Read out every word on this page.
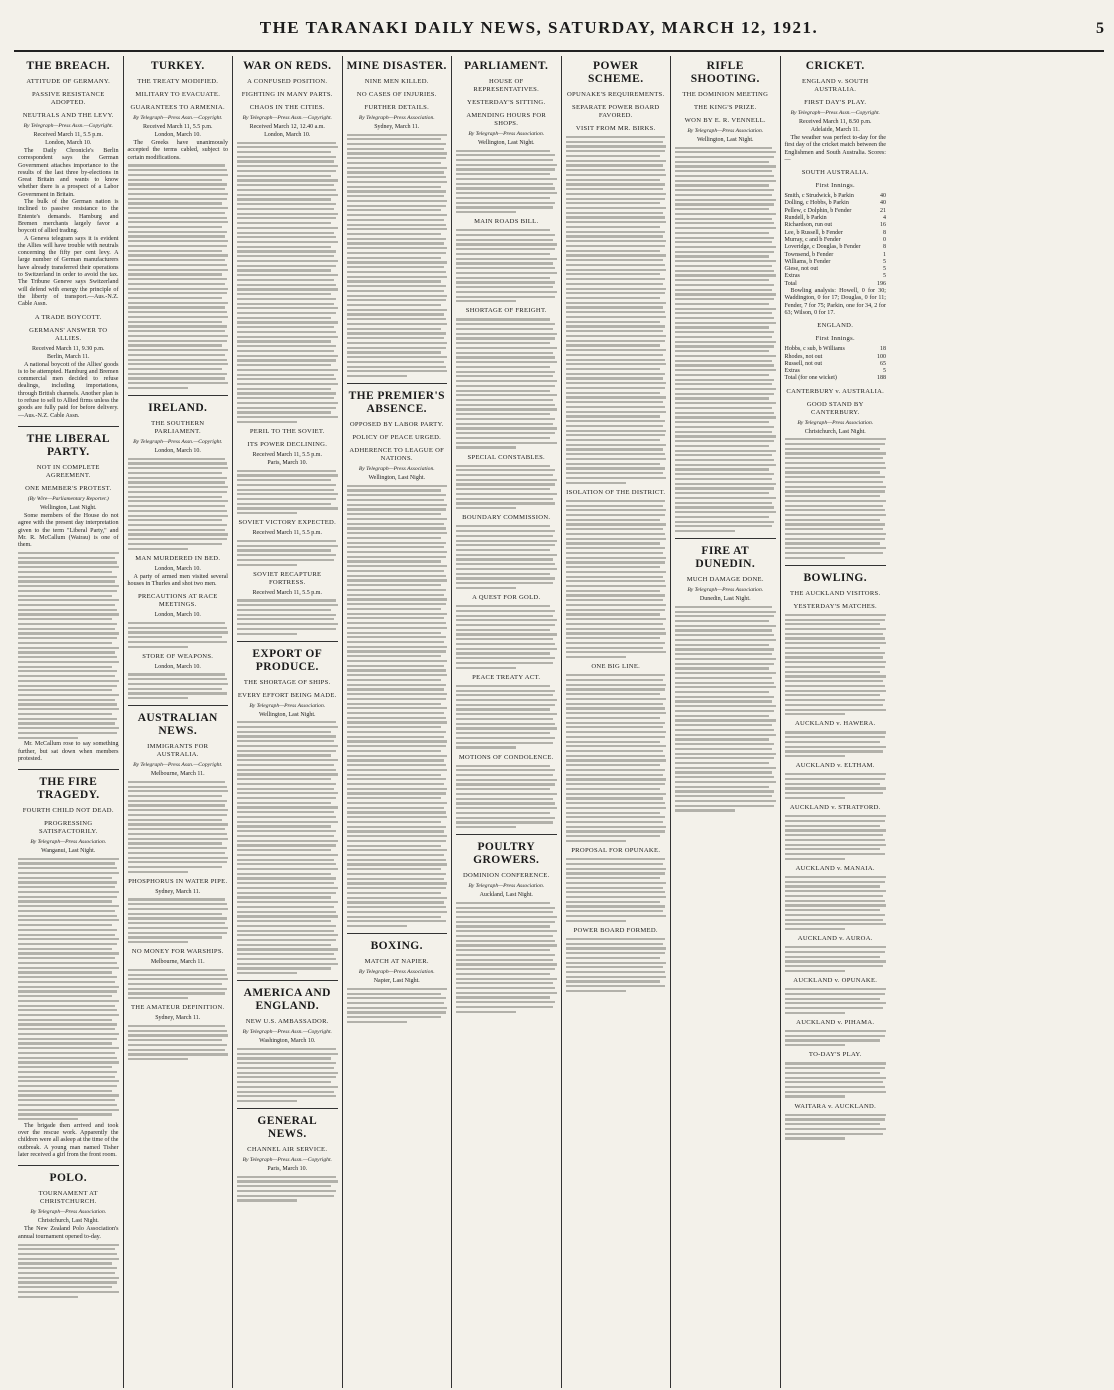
THE TARANAKI DAILY NEWS, SATURDAY, MARCH 12, 1921.	5
THE BREACH.
ATTITUDE OF GERMANY.
PASSIVE RESISTANCE ADOPTED.
NEUTRALS AND THE LEVY.
By Telegraph—Press Assn.—Copyright.
Received March 11, 5.5 p.m.
London, March 10.

The Daily Chronicle's Berlin correspondent says the German Government attaches importance to the results of the last three by-elections in Great Britain and wants to know whether there is a prospect of a Labor Government in Britain.

The bulk of the German nation is inclined to passive resistance to the Entente's demands. Hamburg and Bremen merchants largely favor a boycott of allied trading.

A Geneva telegram says it is evident the Allies will have trouble with neutrals concerning the fifty per cent levy. A large number of German manufacturers have already transferred their operations to Switzerland in order to avoid the tax. The Tribune Geneve says Switzerland will defend with energy the principle of the liberty of transport.—Aus.-N.Z. Cable Assn.

A TRADE BOYCOTT.
GERMANS' ANSWER TO ALLIES.
Received March 11, 9.30 p.m.
Berlin, March 11.

A national boycott of the Allies' goods is to be attempted. Hamburg and Bremen commercial men decided to refuse dealings, including importations, through British channels. Another plan is to refuse to sell to Allied firms unless the goods are fully paid for before delivery.—Aus.-N.Z. Cable Assn.

THE LIBERAL PARTY.
NOT IN COMPLETE AGREEMENT.
ONE MEMBER'S PROTEST.
(By Wire—Parliamentary Reporter.)
Wellington, Last Night.

Some members of the House do not agree with the present day interpretation given to the term "Liberal Party," and Mr. R. McCallum (Wairau) is one of them.

Mr. McCallum rose to say something further, but sat down when members protested.

THE FIRE TRAGEDY.
FOURTH CHILD NOT DEAD.
PROGRESSING SATISFACTORILY.
By Telegraph—Press Association.
Wanganui, Last Night.

The brigade then arrived and took over the rescue work. Apparently the children were all asleep at the time of the outbreak. A young man named Tisher later received a girl from the front room.

POLO.
TOURNAMENT AT CHRISTCHURCH.
By Telegraph—Press Association.
Christchurch, Last Night.

The New Zealand Polo Association's annual tournament opened to-day.

TURKEY.
THE TREATY MODIFIED.
MILITARY TO EVACUATE.
GUARANTEES TO ARMENIA.
By Telegraph—Press Assn.—Copyright.
Received March 11, 5.5 p.m.
London, March 10.

The Greeks have unanimously accepted the terms cabled, subject to certain modifications.

IRELAND.
THE SOUTHERN PARLIAMENT.
By Telegraph—Press Assn.—Copyright.
London, March 10.
MAN MURDERED IN BED.
London, March 10.

A party of armed men visited several houses in Thurles and shot two men.

PRECAUTIONS AT RACE MEETINGS.
London, March 10.
STORE OF WEAPONS.
London, March 10.
AUSTRALIAN NEWS.
IMMIGRANTS FOR AUSTRALIA.
By Telegraph—Press Assn.—Copyright.
Melbourne, March 11.
PHOSPHORUS IN WATER PIPE.
Sydney, March 11.
NO MONEY FOR WARSHIPS.
Melbourne, March 11.
THE AMATEUR DEFINITION.
Sydney, March 11.
WAR ON REDS.
A CONFUSED POSITION.
FIGHTING IN MANY PARTS.
CHAOS IN THE CITIES.
By Telegraph—Press Assn.—Copyright.
Received March 12, 12.40 a.m.
London, March 10.
PERIL TO THE SOVIET.
ITS POWER DECLINING.
Received March 11, 5.5 p.m.
Paris, March 10.
SOVIET VICTORY EXPECTED.
Received March 11, 5.5 p.m.
SOVIET RECAPTURE FORTRESS.
Received March 11, 5.5 p.m.
EXPORT OF PRODUCE.
THE SHORTAGE OF SHIPS.
EVERY EFFORT BEING MADE.
By Telegraph—Press Association.
Wellington, Last Night.
AMERICA AND ENGLAND.
NEW U.S. AMBASSADOR.
By Telegraph—Press Assn.—Copyright.
Washington, March 10.
GENERAL NEWS.
CHANNEL AIR SERVICE.
By Telegraph—Press Assn.—Copyright.
Paris, March 10.
MINE DISASTER.
NINE MEN KILLED.
NO CASES OF INJURIES.
FURTHER DETAILS.
By Telegraph—Press Association.
Sydney, March 11.
THE PREMIER'S ABSENCE.
OPPOSED BY LABOR PARTY.
POLICY OF PEACE URGED.
ADHERENCE TO LEAGUE OF NATIONS.
By Telegraph—Press Association.
Wellington, Last Night.
BOXING.
MATCH AT NAPIER.
By Telegraph—Press Association.
Napier, Last Night.
PARLIAMENT.
HOUSE OF REPRESENTATIVES.
YESTERDAY'S SITTING.
AMENDING HOURS FOR SHOPS.
By Telegraph—Press Association.
Wellington, Last Night.
MAIN ROADS BILL.
SHORTAGE OF FREIGHT.
SPECIAL CONSTABLES.
BOUNDARY COMMISSION.
A QUEST FOR GOLD.
PEACE TREATY ACT.
MOTIONS OF CONDOLENCE.
POULTRY GROWERS.
DOMINION CONFERENCE.
By Telegraph—Press Association.
Auckland, Last Night.
POWER SCHEME.
OPUNAKE'S REQUIREMENTS.
SEPARATE POWER BOARD FAVORED.
VISIT FROM MR. BIRKS.
ISOLATION OF THE DISTRICT.
ONE BIG LINE.
PROPOSAL FOR OPUNAKE.
POWER BOARD FORMED.
RIFLE SHOOTING.
THE DOMINION MEETING
THE KING'S PRIZE.
WON BY E. R. VENNELL.
By Telegraph—Press Association.
Wellington, Last Night.
FIRE AT DUNEDIN.
MUCH DAMAGE DONE.
By Telegraph—Press Association.
Dunedin, Last Night.
CRICKET.
ENGLAND v. SOUTH AUSTRALIA.
FIRST DAY'S PLAY.
By Telegraph—Press Assn.—Copyright.
Received March 11, 8.50 p.m.
Adelaide, March 11.

The weather was perfect to-day for the first day of the cricket match between the Englishmen and South Australia. Scores:—

SOUTH AUSTRALIA.
First Innings.
Smith, c Strudwick, b Parkin	40
Dolling, c Hobbs, b Parkin	40
Pellew, c Dolphin, b Fender	21
Rundell, b Parkin	4
Richardson, run out	16
Lee, b Russell, b Fender	8
Murray, c and b Fender	0
Loveridge, c Douglas, b Fender	8
Townsend, b Fender	1
Williams, b Fender	5
Giese, not out	5
Extras	5
Total	196

Bowling analysis: Howell, 0 for 30; Waddington, 0 for 17; Douglas, 0 for 11; Fender, 7 for 75; Parkin, one for 34, 2 for 63; Wilson, 0 for 17.

ENGLAND.
First Innings.
Hobbs, c sub, b Williams	18
Rhodes, not out	100
Russell, not out	65
Extras	5
Total (for one wicket)	188
CANTERBURY v. AUSTRALIA.
GOOD STAND BY CANTERBURY.
By Telegraph—Press Association.
Christchurch, Last Night.
BOWLING.
THE AUCKLAND VISITORS.
YESTERDAY'S MATCHES.
AUCKLAND v. HAWERA.
AUCKLAND v. ELTHAM.
AUCKLAND v. STRATFORD.
AUCKLAND v. MANAIA.
AUCKLAND v. AUROA.
AUCKLAND v. OPUNAKE.
AUCKLAND v. PIHAMA.
TO-DAY'S PLAY.
WAITARA v. AUCKLAND.
